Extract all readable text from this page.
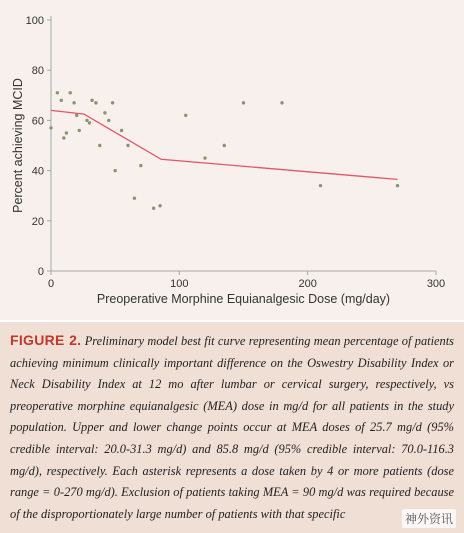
0
20
40
60
80
100
0	100	200	300
Preoperative Morphine Equianalgesic Dose (mg/day)
Percent achieving MCID

FIGURE 2. Preliminary model best fit curve representing mean percentage of patients achieving minimum clinically important difference on the Oswestry Disability Index or Neck Disability Index at 12 mo after lumbar or cervical surgery, respectively, vs preoperative morphine equianalgesic (MEA) dose in mg/d for all patients in the study population. Upper and lower change points occur at MEA doses of 25.7 mg/d (95% credible interval: 20.0-31.3 mg/d) and 85.8 mg/d (95% credible interval: 70.0-116.3 mg/d), respectively. Each asterisk represents a dose taken by 4 or more patients (dose range = 0-270 mg/d). Exclusion of patients taking MEA = 90 mg/d was required because of the disproportionately large number of patients with that specific	神外资讯
